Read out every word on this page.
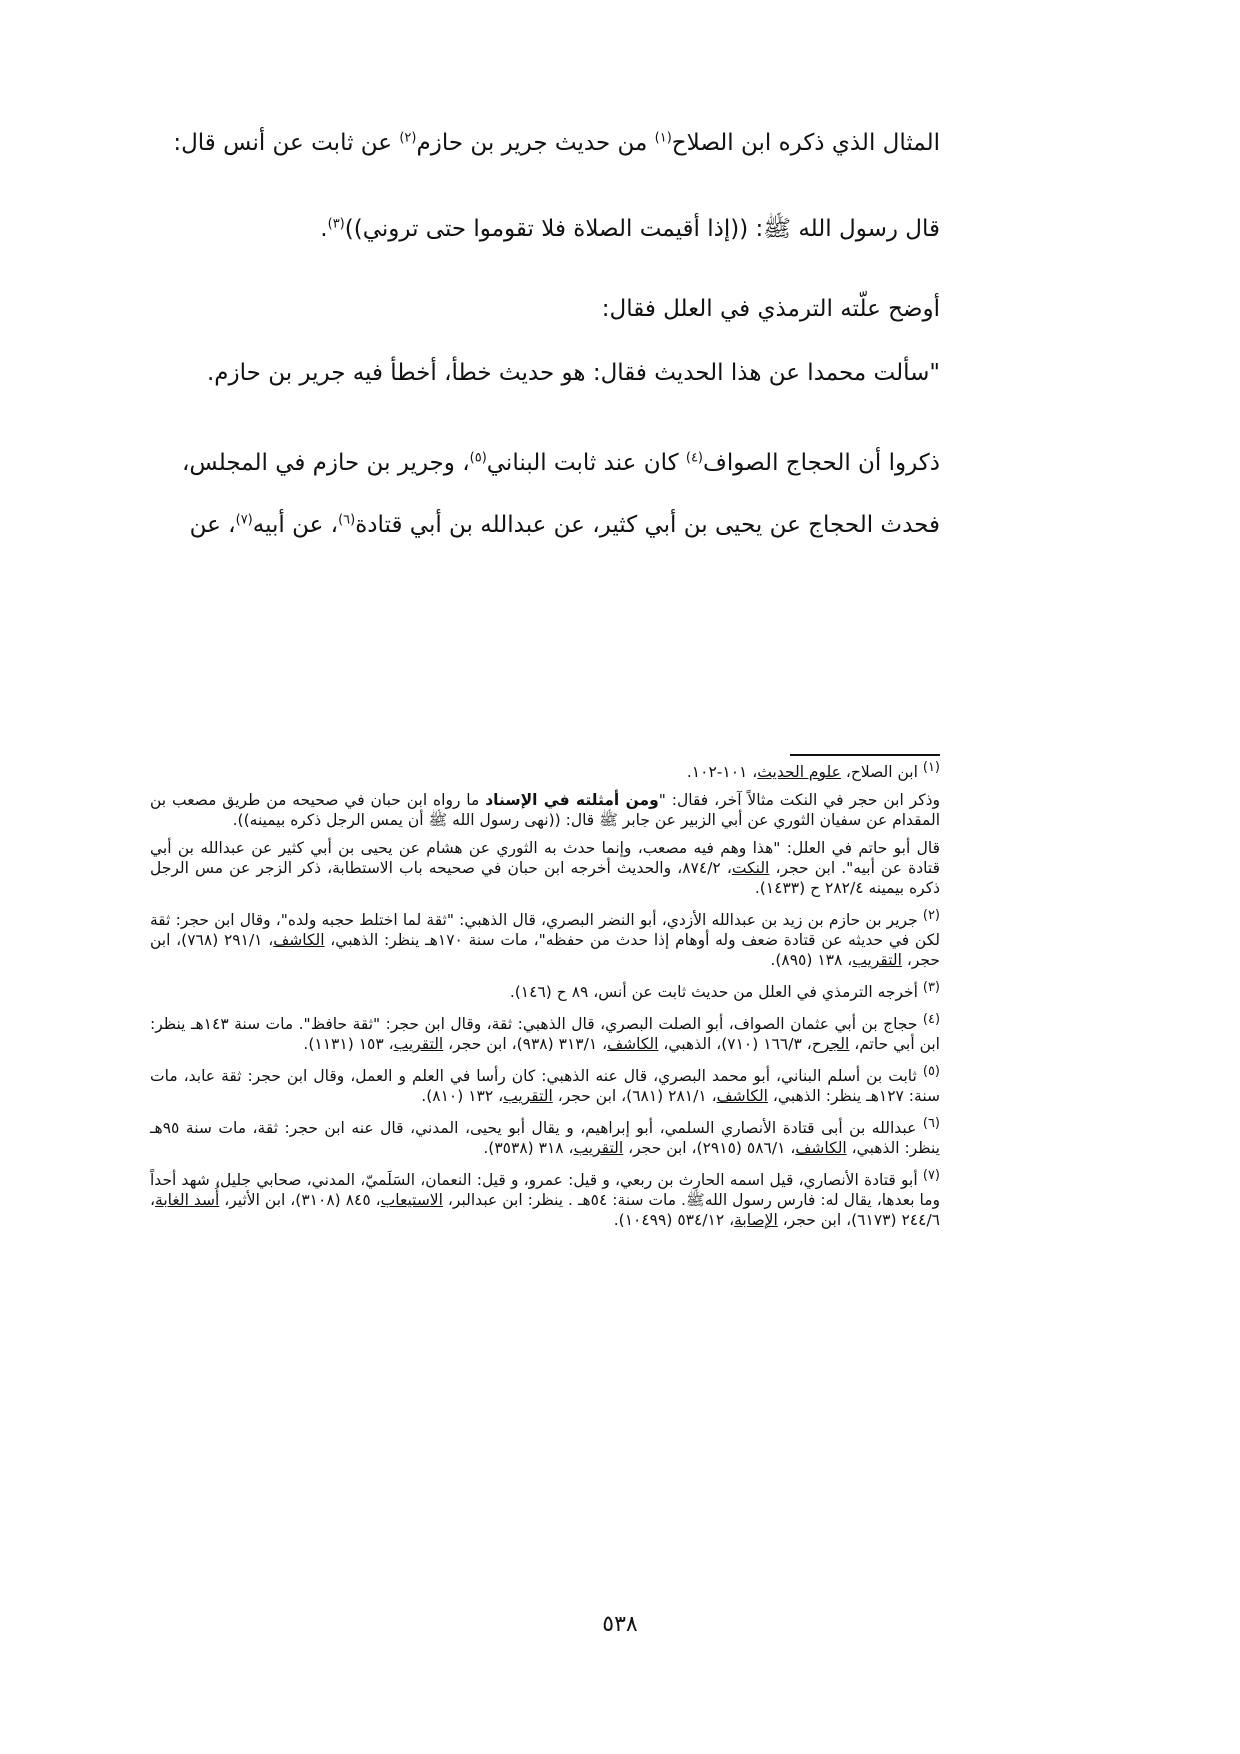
المثال الذي ذكره ابن الصلاح$^{(١)}$ من حديث جرير بن حازم$^{(٢)}$ عن ثابت عن أنس قال:
قال رسول الله ﷺ: ((إذا أقيمت الصلاة فلا تقوموا حتى تروني))$^{(٣)}$.
أوضح علّته الترمذي في العلل فقال:
"سألت محمدا عن هذا الحديث فقال: هو حديث خطأ، أخطأ فيه جرير بن حازم.
ذكروا أن الحجاج الصواف$^{(٤)}$ كان عند ثابت البناني$^{(٥)}$، وجرير بن حازم في المجلس،
فحدث الحجاج عن يحيى بن أبي كثير، عن عبدالله بن أبي قتادة$^{(٦)}$، عن أبيه$^{(٧)}$، عن

$^{(١)}$ ابن الصلاح، علوم الحديث، ١٠١-١٠٢.

وذكر ابن حجر في النكت مثالاً آخر، فقال: "ومن أمثلته في الإسناد ما رواه ابن حبان في صحيحه من طريق مصعب بن المقدام عن سفيان الثوري عن أبي الزبير عن جابر ﷺ قال: ((نهى رسول الله ﷺ أن يمس الرجل ذكره بيمينه)).

قال أبو حاتم في العلل: "هذا وهم فيه مصعب، وإنما حدث به الثوري عن هشام عن يحيى بن أبي كثير عن عبدالله بن أبي قتادة عن أبيه". ابن حجر، النكت، ٨٧٤/٢، والحديث أخرجه ابن حبان في صحيحه باب الاستطابة، ذكر الزجر عن مس الرجل ذكره بيمينه ٢٨٢/٤ ح (١٤٣٣).

$^{(٢)}$ جرير بن حازم بن زيد بن عبدالله الأزدي، أبو النضر البصري، قال الذهبي: "ثقة لما اختلط حجبه ولده"، وقال ابن حجر: ثقة لكن في حديثه عن قتادة ضعف وله أوهام إذا حدث من حفظه"، مات سنة ١٧٠هـ ينظر: الذهبي، الكاشف، ٢٩١/١ (٧٦٨)، ابن حجر، التقريب، ١٣٨ (٨٩٥).
$^{(٣)}$ أخرجه الترمذي في العلل من حديث ثابت عن أنس، ٨٩ ح (١٤٦).
$^{(٤)}$ حجاج بن أبي عثمان الصواف، أبو الصلت البصري، قال الذهبي: ثقة، وقال ابن حجر: "ثقة حافظ". مات سنة ١٤٣هـ ينظر: ابن أبي حاتم، الجرح، ١٦٦/٣ (٧١٠)، الذهبي، الكاشف، ٣١٣/١ (٩٣٨)، ابن حجر، التقريب، ١٥٣ (١١٣١).
$^{(٥)}$ ثابت بن أسلم البناني، أبو محمد البصري، قال عنه الذهبي: كان رأسا في العلم و العمل، وقال ابن حجر: ثقة عابد، مات سنة: ١٢٧هـ ينظر: الذهبي، الكاشف، ٢٨١/١ (٦٨١)، ابن حجر، التقريب، ١٣٢ (٨١٠).
$^{(٦)}$ عبدالله بن أبى قتادة الأنصاري السلمي، أبو إبراهيم، و يقال أبو يحيى، المدني، قال عنه ابن حجر: ثقة، مات سنة ٩٥هـ ينظر: الذهبي، الكاشف، ٥٨٦/١ (٢٩١٥)، ابن حجر، التقريب، ٣١٨ (٣٥٣٨).
$^{(٧)}$ أبو قتادة الأنصاري، قيل اسمه الحارث بن ربعي، و قيل: عمرو، و قيل: النعمان، السَلَميّ، المدني، صحابي جليل، شهد أحداً وما بعدها، يقال له: فارس رسول اللهﷺ. مات سنة: ٥٤هـ . ينظر: ابن عبدالبر، الاستيعاب، ٨٤٥ (٣١٠٨)، ابن الأثير، أُسد الغابة، ٢٤٤/٦ (٦١٧٣)، ابن حجر، الإصابة، ٥٣٤/١٢ (١٠٤٩٩).
٥٣٨
